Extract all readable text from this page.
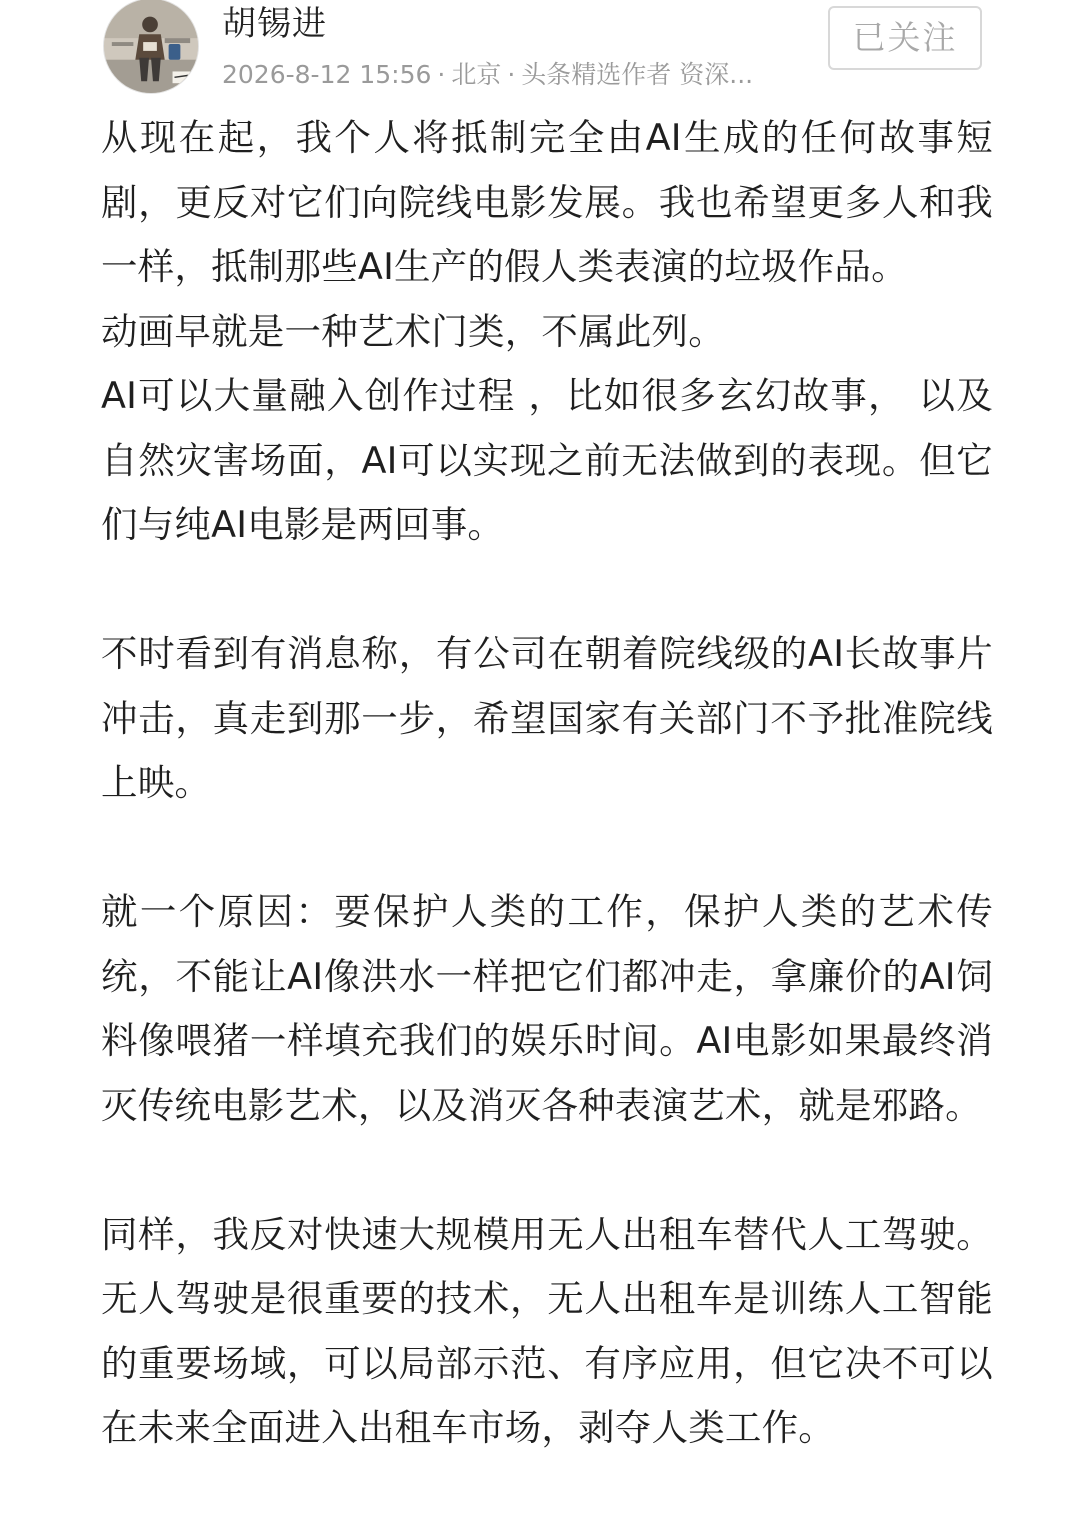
胡锡进
2026-8-12 15:56 · 北京 · 头条精选作者 资深...
已关注

从现在起，我个人将抵制完全由AI生成的任何故事短剧，更反对它们向院线电影发展。我也希望更多人和我一样，抵制那些AI生产的假人类表演的垃圾作品。

动画早就是一种艺术门类，不属此列。

AI可以大量融入创作过程 ，比如很多玄幻故事， 以及自然灾害场面，AI可以实现之前无法做到的表现。但它们与纯AI电影是两回事。

不时看到有消息称，有公司在朝着院线级的AI长故事片冲击，真走到那一步，希望国家有关部门不予批准院线上映。

就一个原因：要保护人类的工作，保护人类的艺术传统，不能让AI像洪水一样把它们都冲走，拿廉价的AI饲料像喂猪一样填充我们的娱乐时间。AI电影如果最终消灭传统电影艺术，以及消灭各种表演艺术，就是邪路。

同样，我反对快速大规模用无人出租车替代人工驾驶。无人驾驶是很重要的技术，无人出租车是训练人工智能的重要场域，可以局部示范、有序应用，但它决不可以在未来全面进入出租车市场，剥夺人类工作。
